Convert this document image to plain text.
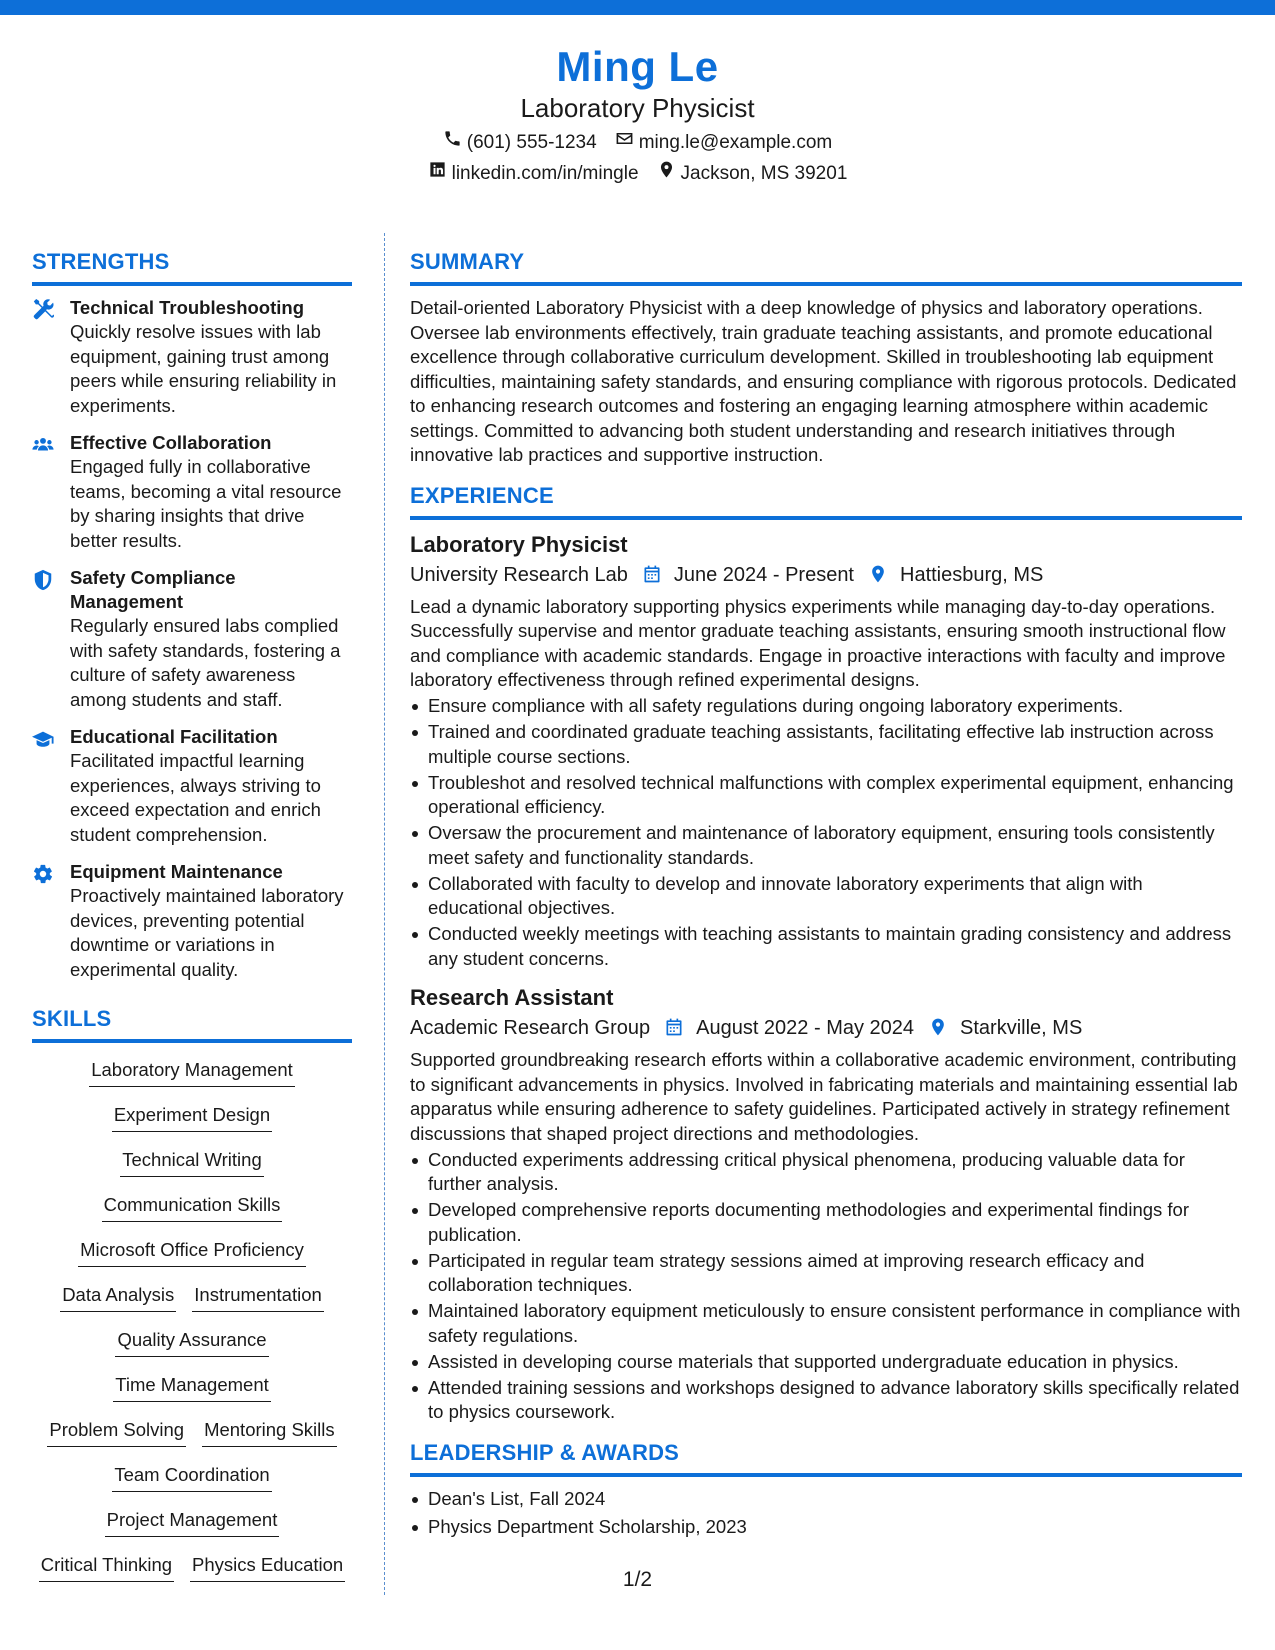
Ming Le
Laboratory Physicist
(601) 555-1234 ming.le@example.com
linkedin.com/in/mingle Jackson, MS 39201
STRENGTHS
Technical Troubleshooting
Quickly resolve issues with lab equipment, gaining trust among peers while ensuring reliability in experiments.
Effective Collaboration
Engaged fully in collaborative teams, becoming a vital resource by sharing insights that drive better results.
Safety Compliance Management
Regularly ensured labs complied with safety standards, fostering a culture of safety awareness among students and staff.
Educational Facilitation
Facilitated impactful learning experiences, always striving to exceed expectation and enrich student comprehension.
Equipment Maintenance
Proactively maintained laboratory devices, preventing potential downtime or variations in experimental quality.
SKILLS
Laboratory Management
Experiment Design
Technical Writing
Communication Skills
Microsoft Office Proficiency
Data Analysis Instrumentation
Quality Assurance
Time Management
Problem Solving Mentoring Skills
Team Coordination
Project Management
Critical Thinking Physics Education
SUMMARY
Detail-oriented Laboratory Physicist with a deep knowledge of physics and laboratory operations. Oversee lab environments effectively, train graduate teaching assistants, and promote educational excellence through collaborative curriculum development. Skilled in troubleshooting lab equipment difficulties, maintaining safety standards, and ensuring compliance with rigorous protocols. Dedicated to enhancing research outcomes and fostering an engaging learning atmosphere within academic settings. Committed to advancing both student understanding and research initiatives through innovative lab practices and supportive instruction.
EXPERIENCE
Laboratory Physicist
University Research Lab June 2024 - Present Hattiesburg, MS
Lead a dynamic laboratory supporting physics experiments while managing day-to-day operations. Successfully supervise and mentor graduate teaching assistants, ensuring smooth instructional flow and compliance with academic standards. Engage in proactive interactions with faculty and improve laboratory effectiveness through refined experimental designs.
Ensure compliance with all safety regulations during ongoing laboratory experiments.
Trained and coordinated graduate teaching assistants, facilitating effective lab instruction across multiple course sections.
Troubleshot and resolved technical malfunctions with complex experimental equipment, enhancing operational efficiency.
Oversaw the procurement and maintenance of laboratory equipment, ensuring tools consistently meet safety and functionality standards.
Collaborated with faculty to develop and innovate laboratory experiments that align with educational objectives.
Conducted weekly meetings with teaching assistants to maintain grading consistency and address any student concerns.
Research Assistant
Academic Research Group August 2022 - May 2024 Starkville, MS
Supported groundbreaking research efforts within a collaborative academic environment, contributing to significant advancements in physics. Involved in fabricating materials and maintaining essential lab apparatus while ensuring adherence to safety guidelines. Participated actively in strategy refinement discussions that shaped project directions and methodologies.
Conducted experiments addressing critical physical phenomena, producing valuable data for further analysis.
Developed comprehensive reports documenting methodologies and experimental findings for publication.
Participated in regular team strategy sessions aimed at improving research efficacy and collaboration techniques.
Maintained laboratory equipment meticulously to ensure consistent performance in compliance with safety regulations.
Assisted in developing course materials that supported undergraduate education in physics.
Attended training sessions and workshops designed to advance laboratory skills specifically related to physics coursework.
LEADERSHIP & AWARDS
Dean's List, Fall 2024
Physics Department Scholarship, 2023
1/2
